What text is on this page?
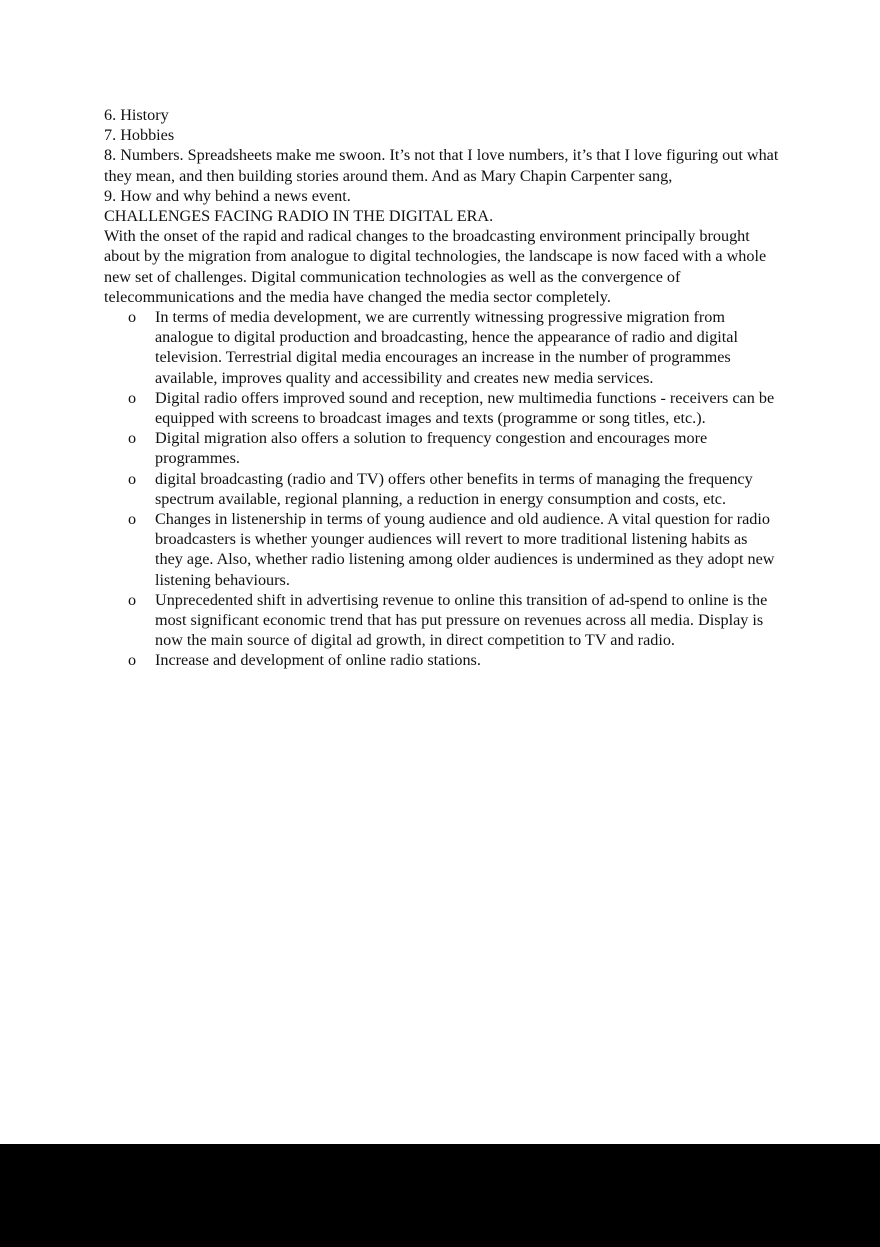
6. History

7. Hobbies

8. Numbers. Spreadsheets make me swoon. It’s not that I love numbers, it’s that I love figuring out what they mean, and then building stories around them. And as Mary Chapin Carpenter sang,

9. How and why behind a news event.

CHALLENGES FACING RADIO IN THE DIGITAL ERA.

With the onset of the rapid and radical changes to the broadcasting environment principally brought about by the migration from analogue to digital technologies, the landscape is now faced with a whole new set of challenges. Digital communication technologies as well as the convergence of telecommunications and the media have changed the media sector completely.

o In terms of media development, we are currently witnessing progressive migration from analogue to digital production and broadcasting, hence the appearance of radio and digital television. Terrestrial digital media encourages an increase in the number of programmes available, improves quality and accessibility and creates new media services.
o Digital radio offers improved sound and reception, new multimedia functions - receivers can be equipped with screens to broadcast images and texts (programme or song titles, etc.).
o Digital migration also offers a solution to frequency congestion and encourages more programmes.
o digital broadcasting (radio and TV) offers other benefits in terms of managing the frequency spectrum available, regional planning, a reduction in energy consumption and costs, etc.
o Changes in listenership in terms of young audience and old audience. A vital question for radio broadcasters is whether younger audiences will revert to more traditional listening habits as they age. Also, whether radio listening among older audiences is undermined as they adopt new listening behaviours.
o Unprecedented shift in advertising revenue to online this transition of ad-spend to online is the most significant economic trend that has put pressure on revenues across all media. Display is now the main source of digital ad growth, in direct competition to TV and radio.
o Increase and development of online radio stations.
